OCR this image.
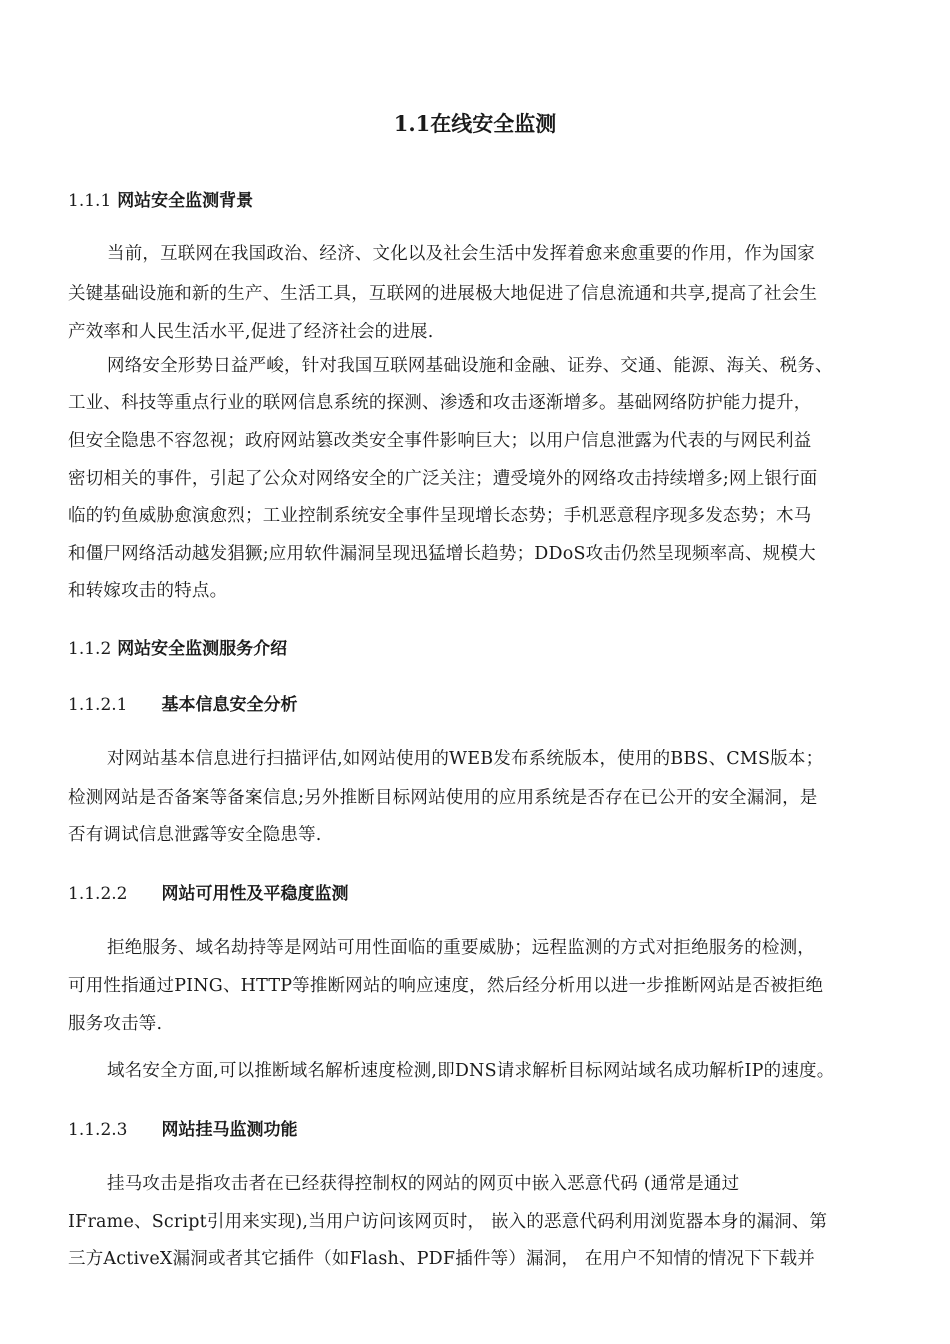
1.1在线安全监测
1.1.1 网站安全监测背景
当前，互联网在我国政治、经济、文化以及社会生活中发挥着愈来愈重要的作用，作为国家
关键基础设施和新的生产、生活工具，互联网的进展极大地促进了信息流通和共享,提高了社会生
产效率和人民生活水平,促进了经济社会的进展.
网络安全形势日益严峻，针对我国互联网基础设施和金融、证券、交通、能源、海关、税务、
工业、科技等重点行业的联网信息系统的探测、渗透和攻击逐渐增多。基础网络防护能力提升，
但安全隐患不容忽视；政府网站篡改类安全事件影响巨大；以用户信息泄露为代表的与网民利益
密切相关的事件，引起了公众对网络安全的广泛关注；遭受境外的网络攻击持续增多;网上银行面
临的钓鱼威胁愈演愈烈；工业控制系统安全事件呈现增长态势；手机恶意程序现多发态势；木马
和僵尸网络活动越发猖獗;应用软件漏洞呈现迅猛增长趋势；DDoS攻击仍然呈现频率高、规模大
和转嫁攻击的特点。
1.1.2 网站安全监测服务介绍
1.1.2.1 基本信息安全分析
对网站基本信息进行扫描评估,如网站使用的WEB发布系统版本，使用的BBS、CMS版本；
检测网站是否备案等备案信息;另外推断目标网站使用的应用系统是否存在已公开的安全漏洞，是
否有调试信息泄露等安全隐患等.
1.1.2.2 网站可用性及平稳度监测
拒绝服务、域名劫持等是网站可用性面临的重要威胁；远程监测的方式对拒绝服务的检测，
可用性指通过PING、HTTP等推断网站的响应速度，然后经分析用以进一步推断网站是否被拒绝
服务攻击等.
域名安全方面,可以推断域名解析速度检测,即DNS请求解析目标网站域名成功解析IP的速度。
1.1.2.3 网站挂马监测功能
挂马攻击是指攻击者在已经获得控制权的网站的网页中嵌入恶意代码 (通常是通过
IFrame、Script引用来实现),当用户访问该网页时， 嵌入的恶意代码利用浏览器本身的漏洞、第
三方ActiveX漏洞或者其它插件（如Flash、PDF插件等）漏洞， 在用户不知情的情况下下载并
